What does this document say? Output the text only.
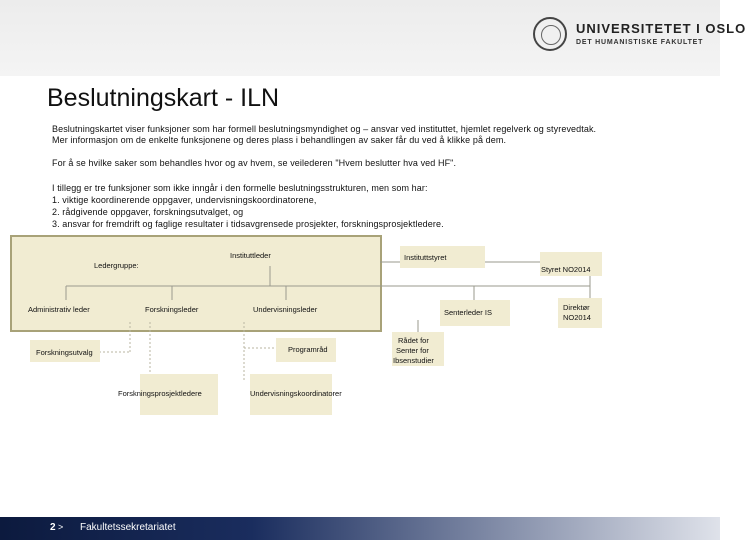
UNIVERSITETET I OSLO
DET HUMANISTISKE FAKULTET
Beslutningskart - ILN
Beslutningskartet viser funksjoner som har formell beslutningsmyndighet og – ansvar ved instituttet, hjemlet regelverk og styrevedtak.
Mer informasjon om de enkelte funksjonene og deres plass i behandlingen av saker får du ved å klikke på dem.
For å se hvilke saker som behandles hvor og av hvem, se veilederen "Hvem beslutter hva ved HF".
I tillegg er tre funksjoner som ikke inngår i den formelle beslutningsstrukturen, men som har:
1. viktige koordinerende oppgaver, undervisningskoordinatorene,
2. rådgivende oppgaver, forskningsutvalget, og
3. ansvar for fremdrift og faglige resultater i tidsavgrensede prosjekter, forskningsprosjektledere.
Instituttleder
Ledergruppe:
Instituttstyret
Styret NO2014
Administrativ leder	Forskningsleder	Undervisningsleder	Senterleder IS
Direktør
NO2014
Programråd
Rådet for
Senter for
Ibsenstudier
Forskningsutvalg
Forskningsprosjektledere	Undervisningskoordinatorer
2 > Fakultetssekretariatet
